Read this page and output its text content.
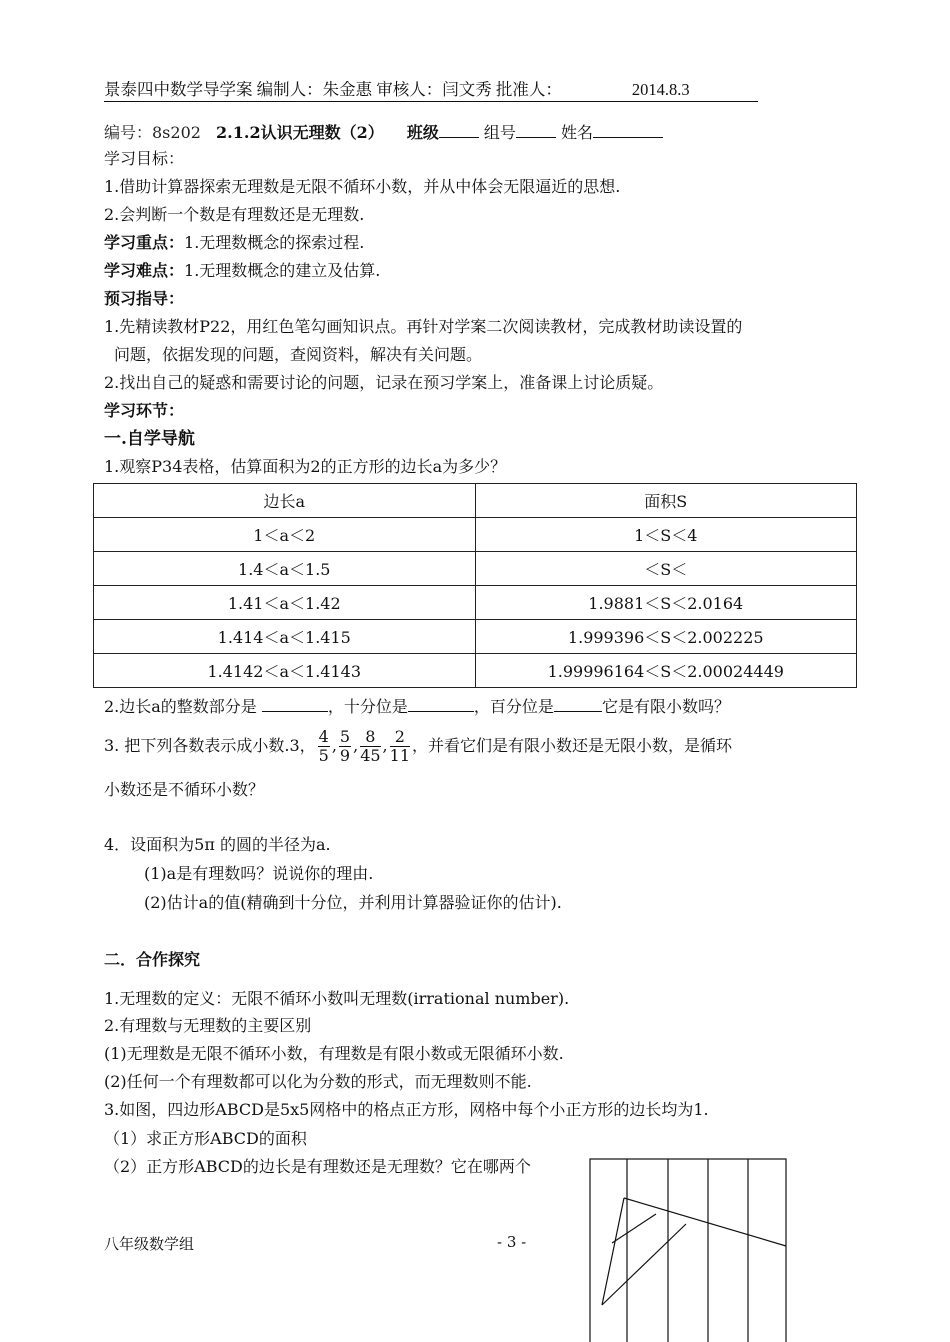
景泰四中数学导学案 编制人：朱金惠 审核人：闫文秀 批准人：	2014.8.3
编号：8s202 2.1.2认识无理数（2） 班级	组号	姓名
学习目标：
1.借助计算器探索无理数是无限不循环小数，并从中体会无限逼近的思想.
2.会判断一个数是有理数还是无理数.
学习重点：1.无理数概念的探索过程.
学习难点：1.无理数概念的建立及估算.
预习指导：
1.先精读教材P22，用红色笔勾画知识点。再针对学案二次阅读教材，完成教材助读设置的
问题，依据发现的问题，查阅资料，解决有关问题。
2.找出自己的疑惑和需要讨论的问题，记录在预习学案上，准备课上讨论质疑。
学习环节：
一.自学导航
1.观察P34表格，估算面积为2的正方形的边长a为多少？
边长a	面积S
1＜a＜2	1＜S＜4
1.4＜a＜1.5	＜S＜
1.41＜a＜1.42	1.9881＜S＜2.0164
1.414＜a＜1.415	1.999396＜S＜2.002225
1.4142＜a＜1.4143	1.99996164＜S＜2.00024449
2.边长a的整数部分是	，十分位是	，百分位是	它是有限小数吗？
3. 把下列各数表示成小数.3， $\frac{4}{5}$ , $\frac{5}{9}$ , $\frac{8}{45}$ , $\frac{2}{11}$ ，并看它们是有限小数还是无限小数，是循环
小数还是不循环小数？
4．设面积为5π 的圆的半径为a.
(1)a是有理数吗？说说你的理由.
(2)估计a的值(精确到十分位，并利用计算器验证你的估计).
二．合作探究
1.无理数的定义：无限不循环小数叫无理数(irrational number).
2.有理数与无理数的主要区别
(1)无理数是无限不循环小数，有理数是有限小数或无限循环小数.
(2)任何一个有理数都可以化为分数的形式，而无理数则不能.
3.如图，四边形ABCD是5x5网格中的格点正方形，网格中每个小正方形的边长均为1.
（1）求正方形ABCD的面积
（2）正方形ABCD的边长是有理数还是无理数？它在哪两个
八年级数学组	- 3 -
